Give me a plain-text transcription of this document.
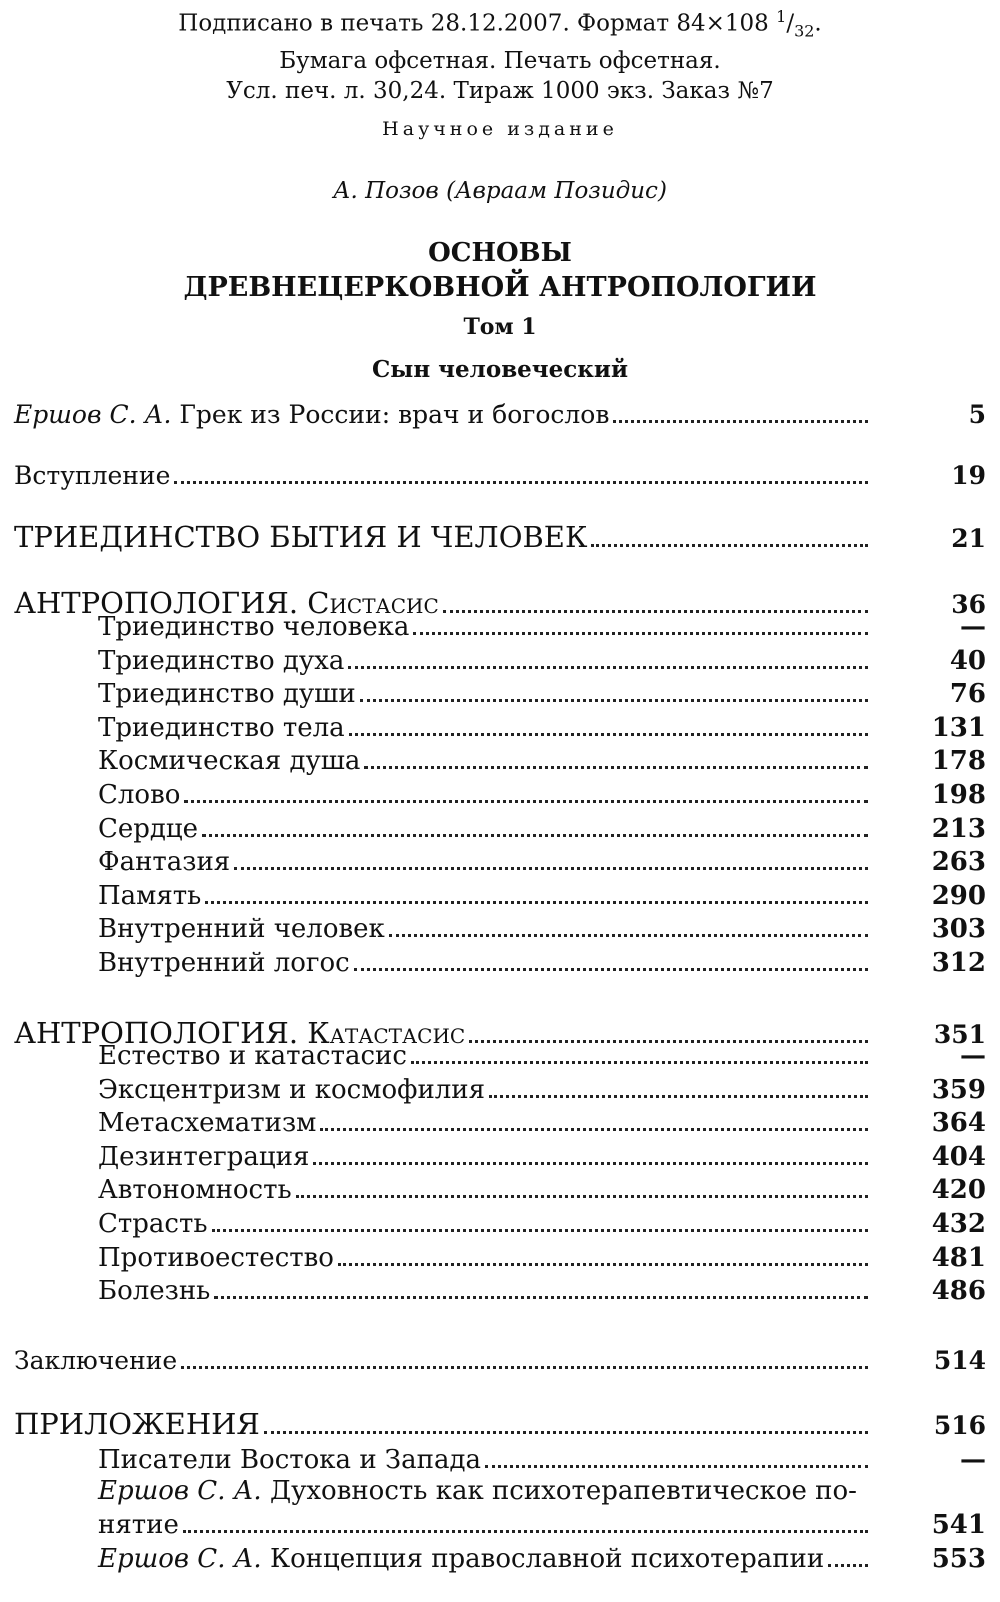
Подписано в печать 28.12.2007. Формат 84×108 $^1/_{32}$.
Бумага офсетная. Печать офсетная.
Усл. печ. л. 30,24. Тираж 1000 экз. Заказ №7
Научное издание
А. Позов (Авраам Позидис)
ОСНОВЫ
ДРЕВНЕЦЕРКОВНОЙ АНТРОПОЛОГИИ
Том 1
Сын человеческий
Ершов С. А. Грек из России: врач и богослов	5
Вступление	19
ТРИЕДИНСТВО БЫТИЯ И ЧЕЛОВЕК	21
АНТРОПОЛОГИЯ. Систасис	36
Триединство человека	—
Триединство духа	40
Триединство души	76
Триединство тела	131
Космическая душа	178
Слово	198
Сердце	213
Фантазия	263
Память	290
Внутренний человек	303
Внутренний логос	312
АНТРОПОЛОГИЯ. Катастасис	351
Естество и катастасис	—
Эксцентризм и космофилия	359
Метасхематизм	364
Дезинтеграция	404
Автономность	420
Страсть	432
Противоестество	481
Болезнь	486
Заключение	514
ПРИЛОЖЕНИЯ	516
Писатели Востока и Запада	—
Ершов С. А. Духовность как психотерапевтическое по-
нятие	541
Ершов С. А. Концепция православной психотерапии	553
